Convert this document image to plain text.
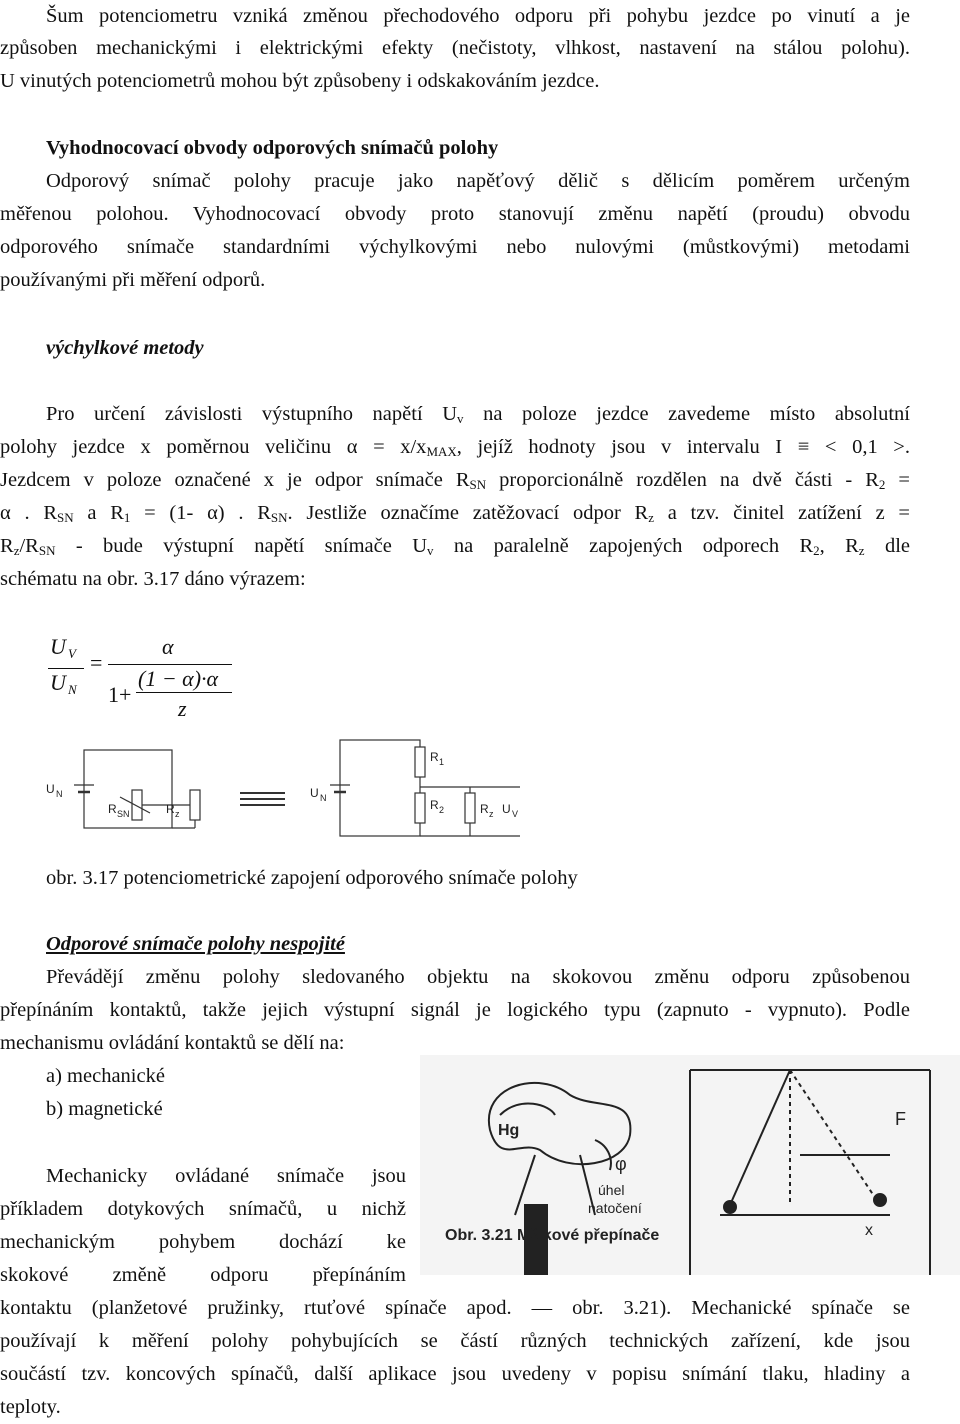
Šum potenciometru vzniká změnou přechodového odporu při pohybu jezdce po vinutí a je

způsoben mechanickými i elektrickými efekty (nečistoty, vlhkost, nastavení na stálou polohu).

U vinutých potenciometrů mohou být způsobeny i odskakováním jezdce.

Vyhodnocovací obvody odporových snímačů polohy

Odporový snímač polohy pracuje jako napěťový dělič s dělicím poměrem určeným

měřenou polohou. Vyhodnocovací obvody proto stanovují změnu napětí (proudu) obvodu

odporového snímače standardními výchylkovými nebo nulovými (můstkovými) metodami

používanými při měření odporů.

výchylkové metody

Pro určení závislosti výstupního napětí $U_v$ na poloze jezdce zavedeme místo absolutní

polohy jezdce x poměrnou veličinu $\alpha = x/x_{MAX}$, jejíž hodnoty jsou v intervalu I ≡ < 0,1 >.

Jezdcem v poloze označené x je odpor snímače $R_{SN}$ proporcionálně rozdělen na dvě části - $R_2$ =

α . $R_{SN}$ a $R_1 = (1-$ α) . $R_{SN}$. Jestliže označíme zatěžovací odpor $R_z$ a tzv. činitel zatížení z =

$R_z/R_{SN}$ - bude výstupní napětí snímače $U_v$ na paralelně zapojených odporech $R_2$, $R_z$ dle

schématu na obr. 3.17 dáno výrazem:

U V
U N
=
α
1+
(1 − α)·α
z
U N
R SN	R z
U N
R 1
R 2	R z U V

obr. 3.17 potenciometrické zapojení odporového snímače polohy

Odporové snímače polohy nespojité

Převádějí změnu polohy sledovaného objektu na skokovou změnu odporu způsobenou

přepínáním kontaktů, takže jejich výstupní signál je logického typu (zapnuto - vypnuto). Podle

mechanismu ovládání kontaktů se dělí na:

a) mechanické

b) magnetické

Mechanicky ovládané snímače jsou

příkladem dotykových snímačů, u nichž

mechanickým pohybem dochází ke

skokové změně odporu přepínáním

kontaktu (planžetové pružinky, rtuťové spínače apod. — obr. 3.21). Mechanické spínače se

používají k měření polohy pohybujících se částí různých technických zařízení, kde jsou

součástí tzv. koncových spínačů, další aplikace jsou uvedeny v popisu snímání tlaku, hladiny a

teploty.

Hg
φ
úhel
natočení
F
x
Obr. 3.21 Mžikové přepínače
